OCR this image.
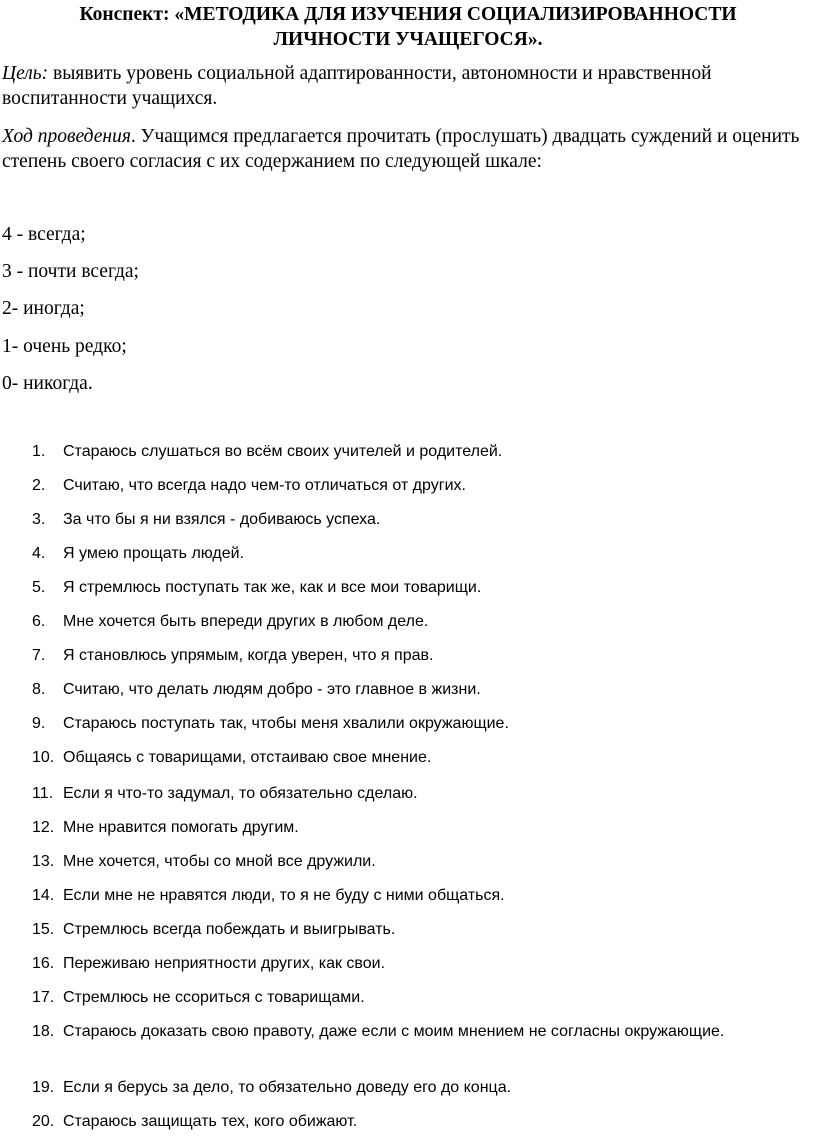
Конспект: «МЕТОДИКА ДЛЯ ИЗУЧЕНИЯ СОЦИАЛИЗИРОВАННОСТИ
ЛИЧНОСТИ УЧАЩЕГОСЯ».
Цель: выявить уровень социальной адаптированности, автономности и нравственной воспитанности учащихся.
Ход проведения. Учащимся предлагается прочитать (прослушать) двадцать суждений и оценить степень своего согласия с их содержанием по следующей шкале:
4 - всегда;
3 - почти всегда;
2- иногда;
1- очень редко;
0- никогда.
1.	Стараюсь слушаться во всём своих учителей и родителей.
2.	Считаю, что всегда надо чем-то отличаться от других.
3.	За что бы я ни взялся - добиваюсь успеха.
4.	Я умею прощать людей.
5.	Я стремлюсь поступать так же, как и все мои товарищи.
6.	Мне хочется быть впереди других в любом деле.
7.	Я становлюсь упрямым, когда уверен, что я прав.
8.	Считаю, что делать людям добро - это главное в жизни.
9.	Стараюсь поступать так, чтобы меня хвалили окружающие.
10. Общаясь с товарищами, отстаиваю свое мнение.
11. Если я что-то задумал, то обязательно сделаю.
12. Мне нравится помогать другим.
13. Мне хочется, чтобы со мной все дружили.
14. Если мне не нравятся люди, то я не буду с ними общаться.
15. Стремлюсь всегда побеждать и выигрывать.
16. Переживаю неприятности других, как свои.
17. Стремлюсь не ссориться с товарищами.
18. Стараюсь доказать свою правоту, даже если с моим мнением не согласны окружающие.
19. Если я берусь за дело, то обязательно доведу его до конца.
20. Стараюсь защищать тех, кого обижают.
